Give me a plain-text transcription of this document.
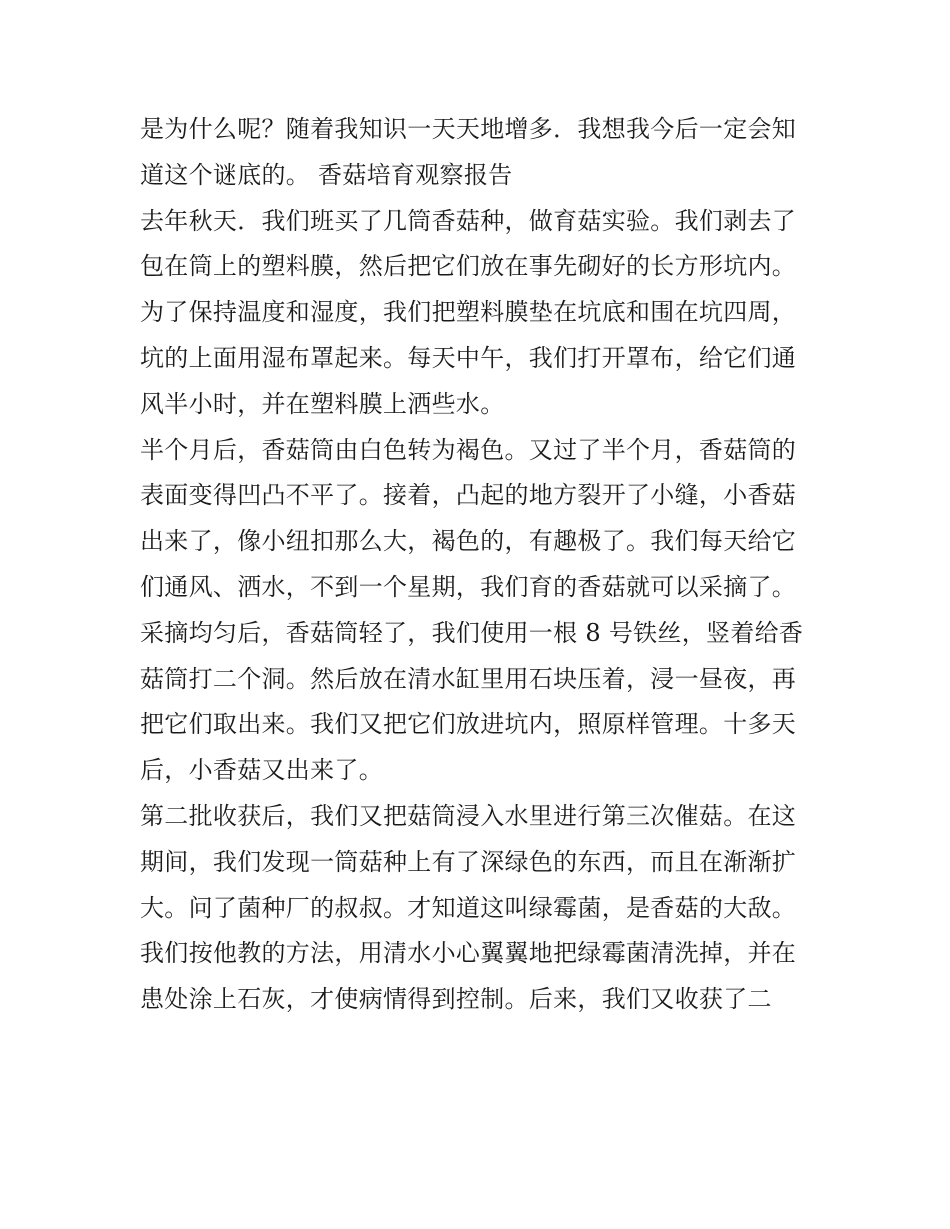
是为什么呢？随着我知识一天天地增多．我想我今后一定会知
道这个谜底的。 香菇培育观察报告
去年秋天．我们班买了几筒香菇种，做育菇实验。我们剥去了
包在筒上的塑料膜，然后把它们放在事先砌好的长方形坑内。
为了保持温度和湿度，我们把塑料膜垫在坑底和围在坑四周，
坑的上面用湿布罩起来。每天中午，我们打开罩布，给它们通
风半小时，并在塑料膜上洒些水。
半个月后，香菇筒由白色转为褐色。又过了半个月，香菇筒的
表面变得凹凸不平了。接着，凸起的地方裂开了小缝，小香菇
出来了，像小纽扣那么大，褐色的，有趣极了。我们每天给它
们通风、洒水，不到一个星期，我们育的香菇就可以采摘了。
采摘均匀后，香菇筒轻了，我们使用一根 8 号铁丝，竖着给香
菇筒打二个洞。然后放在清水缸里用石块压着，浸一昼夜，再
把它们取出来。我们又把它们放进坑内，照原样管理。十多天
后，小香菇又出来了。
第二批收获后，我们又把菇筒浸入水里进行第三次催菇。在这
期间，我们发现一筒菇种上有了深绿色的东西，而且在渐渐扩
大。问了菌种厂的叔叔。才知道这叫绿霉菌，是香菇的大敌。
我们按他教的方法，用清水小心翼翼地把绿霉菌清洗掉，并在
患处涂上石灰，才使病情得到控制。后来，我们又收获了二
